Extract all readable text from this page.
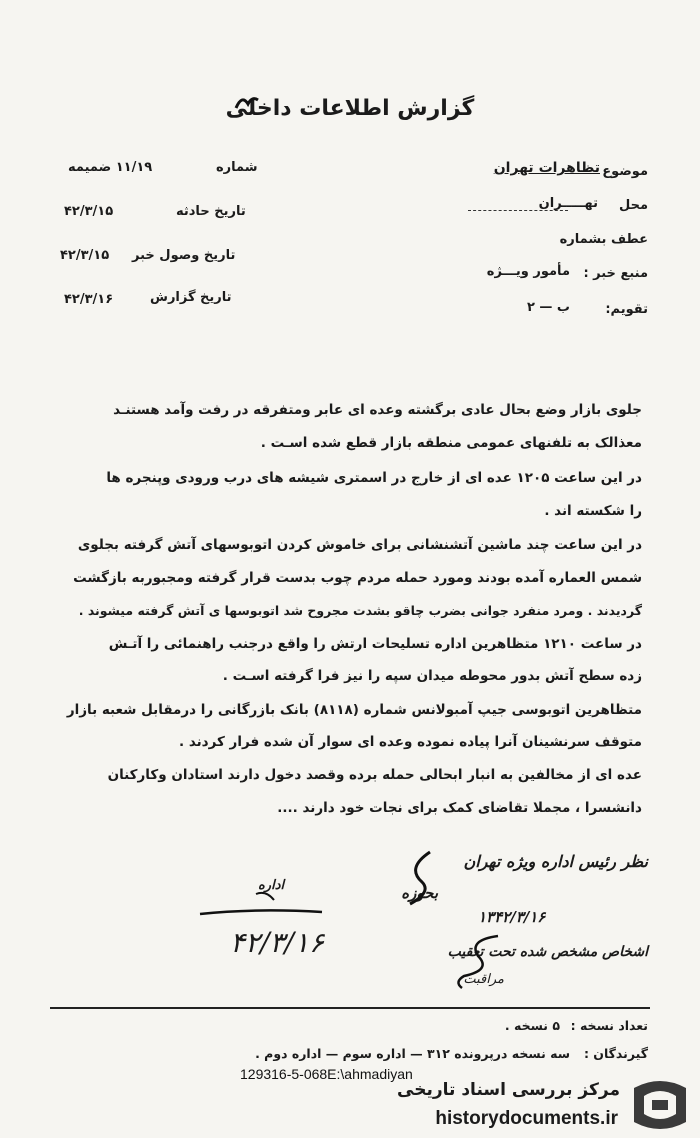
گزارش اطلاعات داخلی
موضوع
تظاهرات تهران
محل
تهـــــران
عطف بشماره
منبع خبر :
مأمور ویـــژه
تقویم:
ب — ۲
شماره
۱۱/۱۹ ضمیمه
تاریخ حادثه
۴۲/۳/۱۵
تاریخ وصول خبر
۴۲/۳/۱۵
تاریخ گزارش
۴۲/۳/۱۶
جلوی بازار وضع بحال عادی برگشته وعده ای عابر ومتفرقه در رفت وآمد هستنـد
معذالک به تلفنهای عمومی منطقه بازار قطع شده اسـت .
در این ساعت ۱۲۰۵ عده ای از خارج در اسمتری شیشه های درب ورودی وپنجره ها
را شکسته اند .
در این ساعت چند ماشین آتشنشانی برای خاموش کردن اتوبوسهای آتش گرفته بجلوی
شمس العماره آمده بودند ومورد حمله مردم چوب بدست قرار گرفته ومجبوربه بازگشت
گردیدند . ومرد منفرد جوانی بضرب چاقو بشدت مجروح شد اتوبوسها ی آتش گرفته میشوند .
در ساعت ۱۲۱۰ متظاهرین اداره تسلیحات ارتش را واقع درجنب راهنمائی را آتـش
زده سطح آتش بدور محوطه میدان سپه را نیز فرا گرفته اسـت .
متظاهرین اتوبوسی جیپ آمبولانس شماره (۸۱۱۸) بانک بازرگانی را درمقابل شعبه بازار
متوقف سرنشینان آنرا پیاده نموده وعده ای سوار آن شده فرار کردند .
عده ای از مخالفین به انبار ابحالی حمله برده وقصد دخول دارند استادان وکارکنان
دانشسرا ، مجملا تقاضای کمک برای نجات خود دارند ....
نظر رئیس اداره ویژه تهران
بحوزه
۱۳۴۲/۳/۱۶
اشخاص مشخص شده تحت تعقیب
مراقبت
اداره
۴۲/۳/۱۶
تعداد نسخه :
۵ نسخه .
گیرندگان :
سه نسخه درپرونده ۳۱۲ — اداره سوم — اداره دوم .
129316-5-068E:\ahmadiyan
مرکز بررسی اسناد تاریخی
historydocuments.ir
